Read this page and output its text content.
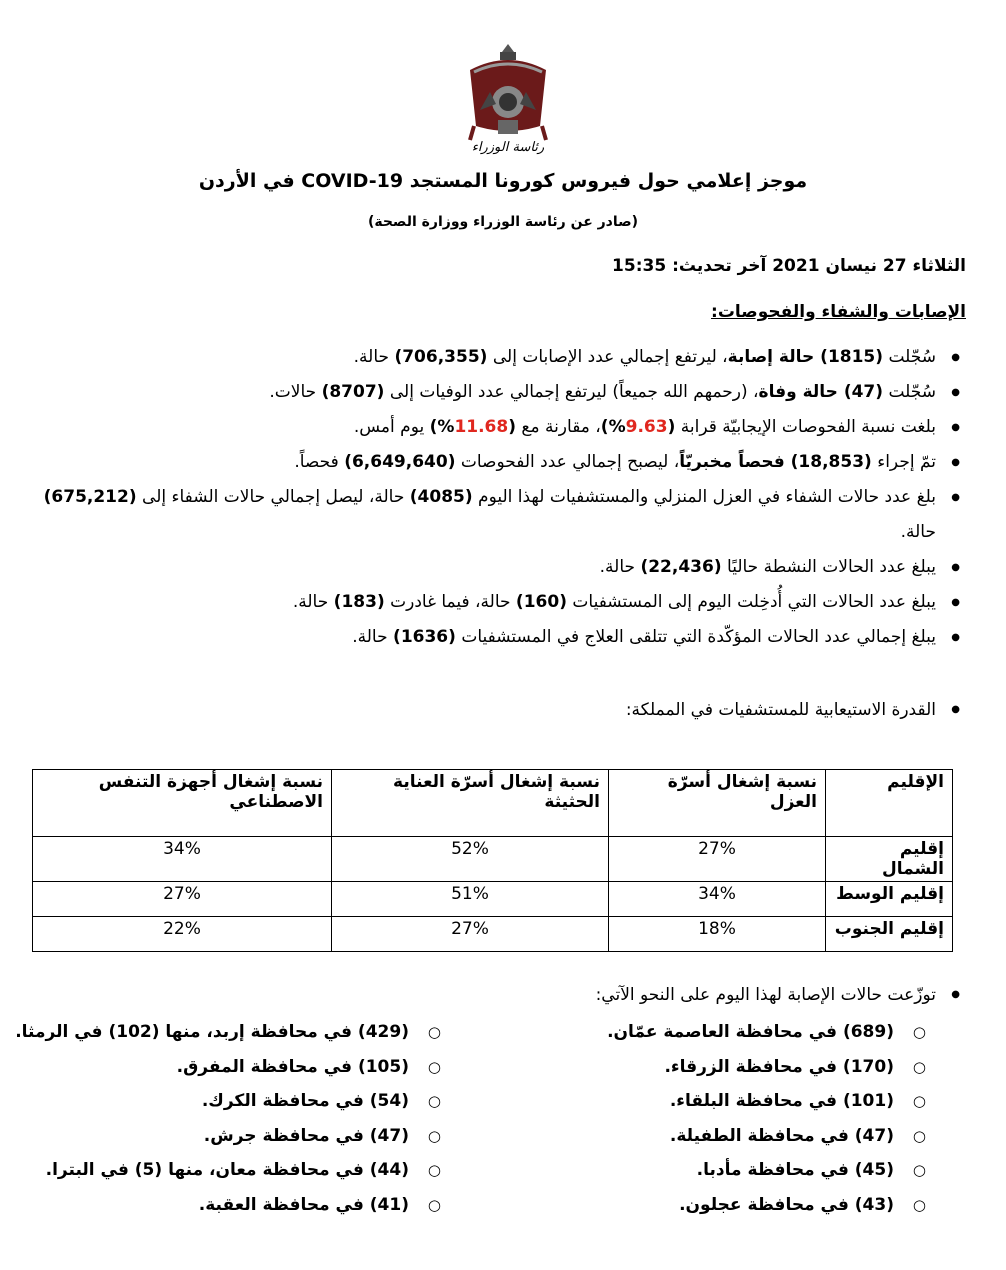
رئاسة الوزراء
موجز إعلامي حول فيروس كورونا المستجد COVID-19 في الأردن
(صادر عن رئاسة الوزراء ووزارة الصحة)
الثلاثاء 27 نيسان 2021 آخر تحديث: 15:35
الإصابات والشفاء والفحوصات:
● سُجّلت (1815) حالة إصابة، ليرتفع إجمالي عدد الإصابات إلى (706,355) حالة.
● سُجّلت (47) حالة وفاة، (رحمهم الله جميعاً) ليرتفع إجمالي عدد الوفيات إلى (8707) حالات.
● بلغت نسبة الفحوصات الإيجابيّة قرابة (9.63%)، مقارنة مع (11.68%) يوم أمس.
● تمّ إجراء (18,853) فحصاً مخبريّاً، ليصبح إجمالي عدد الفحوصات (6,649,640) فحصاً.
● بلغ عدد حالات الشفاء في العزل المنزلي والمستشفيات لهذا اليوم (4085) حالة، ليصل إجمالي حالات الشفاء إلى (675,212) حالة.
● يبلغ عدد الحالات النشطة حاليًا (22,436) حالة.
● يبلغ عدد الحالات التي أُدخِلت اليوم إلى المستشفيات (160) حالة، فيما غادرت (183) حالة.
● يبلغ إجمالي عدد الحالات المؤكّدة التي تتلقى العلاج في المستشفيات (1636) حالة.
● القدرة الاستيعابية للمستشفيات في المملكة:
الإقليم	نسبة إشغال أسرّة العزل	نسبة إشغال أسرّة العناية الحثيثة	نسبة إشغال أجهزة التنفس الاصطناعي
إقليم الشمال	27%	52%	34%
إقليم الوسط	34%	51%	27%
إقليم الجنوب	18%	27%	22%
● توزّعت حالات الإصابة لهذا اليوم على النحو الآتي:
○ (689) في محافظة العاصمة عمّان.
○ (170) في محافظة الزرقاء.
○ (101) في محافظة البلقاء.
○ (47) في محافظة الطفيلة.
○ (45) في محافظة مأدبا.
○ (43) في محافظة عجلون.
○ (429) في محافظة إربد، منها (102) في الرمثا.
○ (105) في محافظة المفرق.
○ (54) في محافظة الكرك.
○ (47) في محافظة جرش.
○ (44) في محافظة معان، منها (5) في البترا.
○ (41) في محافظة العقبة.
